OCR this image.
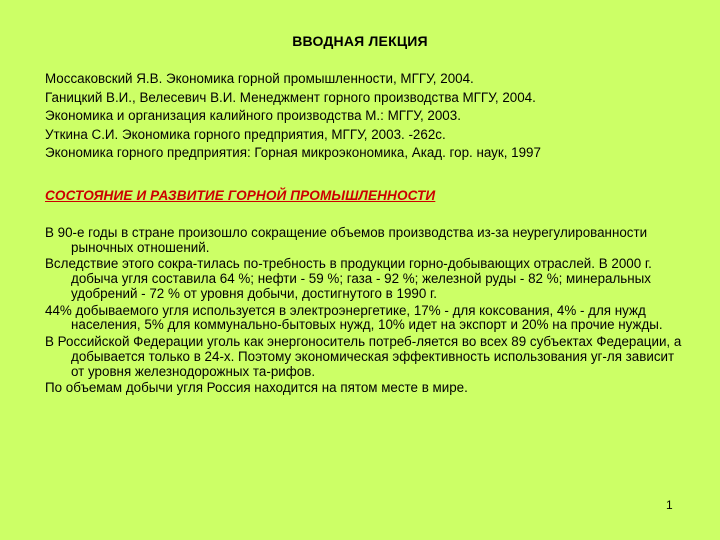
ВВОДНАЯ ЛЕКЦИЯ
Моссаковский Я.В. Экономика горной промышленности, МГГУ, 2004.
Ганицкий В.И., Велесевич В.И. Менеджмент горного производства МГГУ, 2004.
Экономика и организация калийного производства М.: МГГУ, 2003.
Уткина С.И. Экономика горного предприятия, МГГУ, 2003. -262с.
Экономика горного предприятия: Горная микроэкономика, Акад. гор. наук, 1997
СОСТОЯНИЕ И РАЗВИТИЕ ГОРНОЙ ПРОМЫШЛЕННОСТИ

В 90-е годы в стране произошло сокращение объемов производства из-за неурегулированности рыночных отношений.

Вследствие этого сокра-тилась по-требность в продукции горно-добывающих отраслей. В 2000 г. добыча угля составила 64 %; нефти - 59 %; газа - 92 %; железной руды - 82 %; минеральных удобрений - 72 % от уровня добычи, достигнутого в 1990 г.

44% добываемого угля используется в электроэнергетике, 17% - для коксования, 4% - для нужд населения, 5% для коммунально-бытовых нужд, 10% идет на экспорт и 20% на прочие нужды.

В Российской Федерации уголь как энергоноситель потреб-ляется во всех 89 субъектах Федерации, а добывается только в 24-х. Поэтому экономическая эффективность использования уг-ля зависит от уровня железнодорожных та-рифов.

По объемам добычи угля Россия находится на пятом месте в мире.

1
